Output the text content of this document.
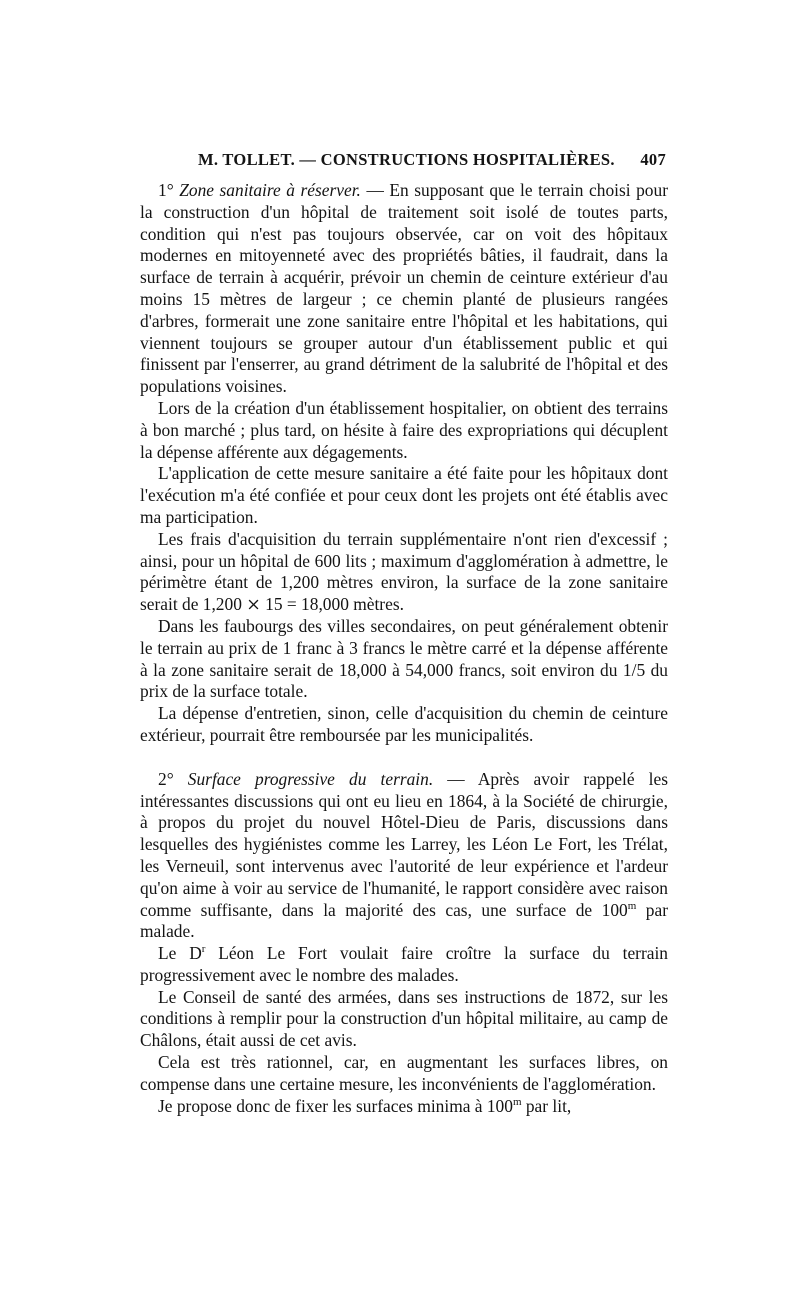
M. TOLLET. — CONSTRUCTIONS HOSPITALIÈRES. 407

1° Zone sanitaire à réserver. — En supposant que le terrain choisi pour la construction d'un hôpital de traitement soit isolé de toutes parts, condition qui n'est pas toujours observée, car on voit des hôpitaux modernes en mitoyenneté avec des propriétés bâties, il faudrait, dans la surface de terrain à acquérir, prévoir un chemin de ceinture extérieur d'au moins 15 mètres de largeur ; ce chemin planté de plusieurs rangées d'arbres, formerait une zone sanitaire entre l'hôpital et les habitations, qui viennent toujours se grouper autour d'un établissement public et qui finissent par l'enserrer, au grand détriment de la salubrité de l'hôpital et des populations voisines.

Lors de la création d'un établissement hospitalier, on obtient des terrains à bon marché ; plus tard, on hésite à faire des expropriations qui décuplent la dépense afférente aux dégagements.

L'application de cette mesure sanitaire a été faite pour les hôpitaux dont l'exécution m'a été confiée et pour ceux dont les projets ont été établis avec ma participation.

Les frais d'acquisition du terrain supplémentaire n'ont rien d'excessif ; ainsi, pour un hôpital de 600 lits ; maximum d'agglomération à admettre, le périmètre étant de 1,200 mètres environ, la surface de la zone sanitaire serait de 1,200 ⨯ 15 = 18,000 mètres.

Dans les faubourgs des villes secondaires, on peut généralement obtenir le terrain au prix de 1 franc à 3 francs le mètre carré et la dépense afférente à la zone sanitaire serait de 18,000 à 54,000 francs, soit environ du 1/5 du prix de la surface totale.

La dépense d'entretien, sinon, celle d'acquisition du chemin de ceinture extérieur, pourrait être remboursée par les municipalités.

2° Surface progressive du terrain. — Après avoir rappelé les intéressantes discussions qui ont eu lieu en 1864, à la Société de chirurgie, à propos du projet du nouvel Hôtel-Dieu de Paris, discussions dans lesquelles des hygiénistes comme les Larrey, les Léon Le Fort, les Trélat, les Verneuil, sont intervenus avec l'autorité de leur expérience et l'ardeur qu'on aime à voir au service de l'humanité, le rapport considère avec raison comme suffisante, dans la majorité des cas, une surface de 100$^m$ par malade.

Le $D^r$ Léon Le Fort voulait faire croître la surface du terrain progressivement avec le nombre des malades.

Le Conseil de santé des armées, dans ses instructions de 1872, sur les conditions à remplir pour la construction d'un hôpital militaire, au camp de Châlons, était aussi de cet avis.

Cela est très rationnel, car, en augmentant les surfaces libres, on compense dans une certaine mesure, les inconvénients de l'agglomération.

Je propose donc de fixer les surfaces minima à 100$^m$ par lit,
